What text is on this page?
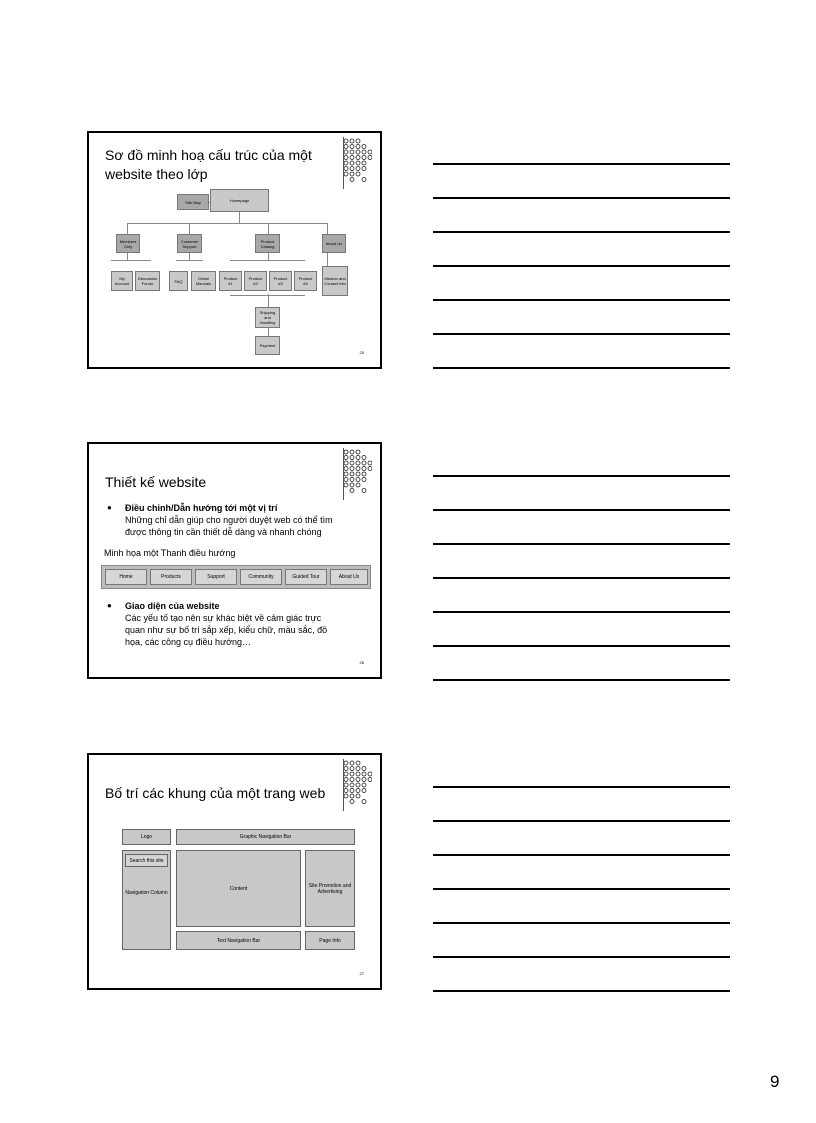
Sơ đồ minh hoạ cấu trúc của một
website theo lớp
Site Map	Homepage
Members Only
Customer Support
Product Catalog	About Us
My Account
Discussion Forum	FAQ	Online Manuals
Product #1
Product #2
Product #3
Product #4
Mission and Contact Info
Shipping and Handling
Payment
25
Thiết kế website
● Điều chỉnh/Dẫn hướng tới một vị trí
Những chỉ dẫn giúp cho người duyệt web có thể tìm
được thông tin cần thiết dễ dàng và nhanh chóng
Minh họa một Thanh điều hướng
Home	Products	Support	Community	Guided Tour	About Us
● Giao diện của website
Các yếu tố tạo nên sự khác biệt về cảm giác trực
quan như sự bố trí sắp xếp, kiểu chữ, màu sắc, đồ
họa, các công cụ điều hướng…
26
Bố trí các khung của một trang web
Logo	Graphic Navigation Bar
Search this site
Navigation Column
Content	Site Promotion and Advertising
Text Navigation Bar	Page Info
27
9
